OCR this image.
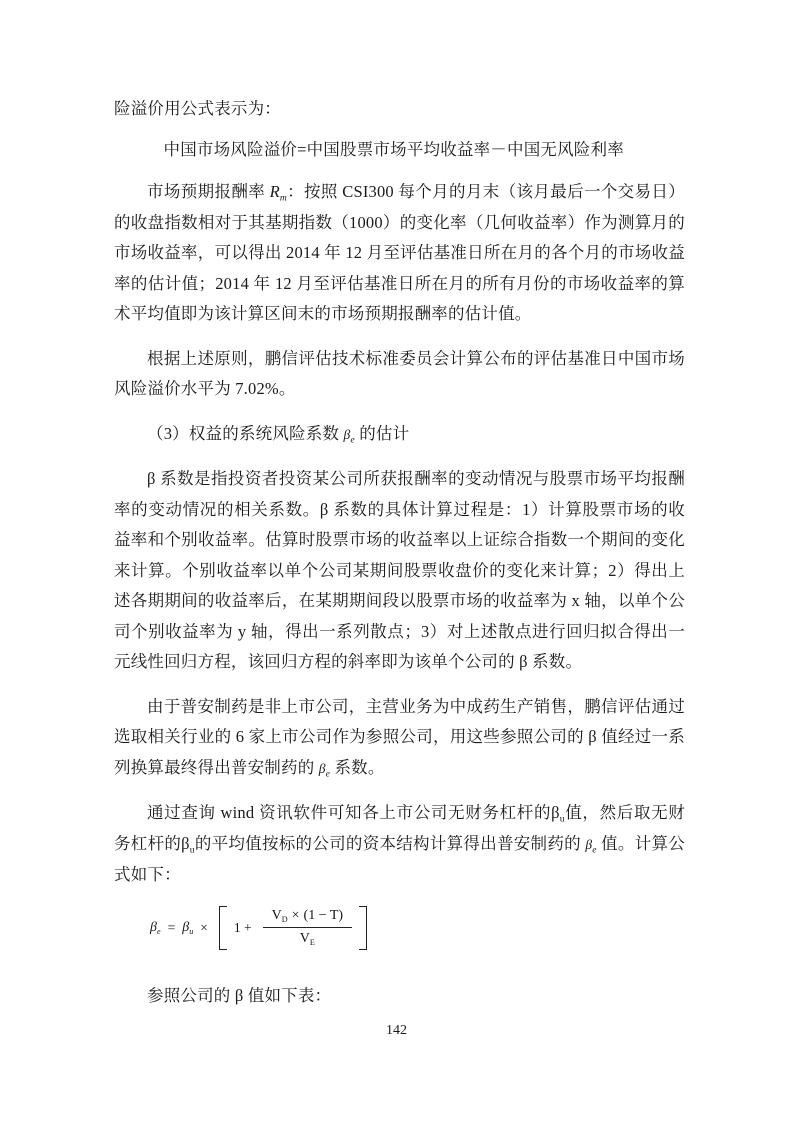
险溢价用公式表示为：

中国市场风险溢价=中国股票市场平均收益率－中国无风险利率

市场预期报酬率 $R_m$：按照 CSI300 每个月的月末（该月最后一个交易日）的收盘指数相对于其基期指数（1000）的变化率（几何收益率）作为测算月的市场收益率，可以得出 2014 年 12 月至评估基准日所在月的各个月的市场收益率的估计值；2014 年 12 月至评估基准日所在月的所有月份的市场收益率的算术平均值即为该计算区间末的市场预期报酬率的估计值。

根据上述原则，鹏信评估技术标准委员会计算公布的评估基准日中国市场风险溢价水平为 7.02%。

（3）权益的系统风险系数 $\beta_e$ 的估计

β 系数是指投资者投资某公司所获报酬率的变动情况与股票市场平均报酬率的变动情况的相关系数。β 系数的具体计算过程是：1）计算股票市场的收益率和个别收益率。估算时股票市场的收益率以上证综合指数一个期间的变化来计算。个别收益率以单个公司某期间股票收盘价的变化来计算；2）得出上述各期期间的收益率后，在某期期间段以股票市场的收益率为 x 轴，以单个公司个别收益率为 y 轴，得出一系列散点；3）对上述散点进行回归拟合得出一元线性回归方程，该回归方程的斜率即为该单个公司的 β 系数。

由于普安制药是非上市公司，主营业务为中成药生产销售，鹏信评估通过选取相关行业的 6 家上市公司作为参照公司，用这些参照公司的 β 值经过一系列换算最终得出普安制药的 $\beta_e$ 系数。

通过查询 wind 资讯软件可知各上市公司无财务杠杆的$\beta_u$值，然后取无财务杠杆的$\beta_u$的平均值按标的公司的资本结构计算得出普安制药的 $\beta_e$ 值。计算公式如下：

$\beta_e = \beta_u \times 1 + \frac{V_D \times (1 - T)}{V_E}$

参照公司的 β 值如下表：

142
